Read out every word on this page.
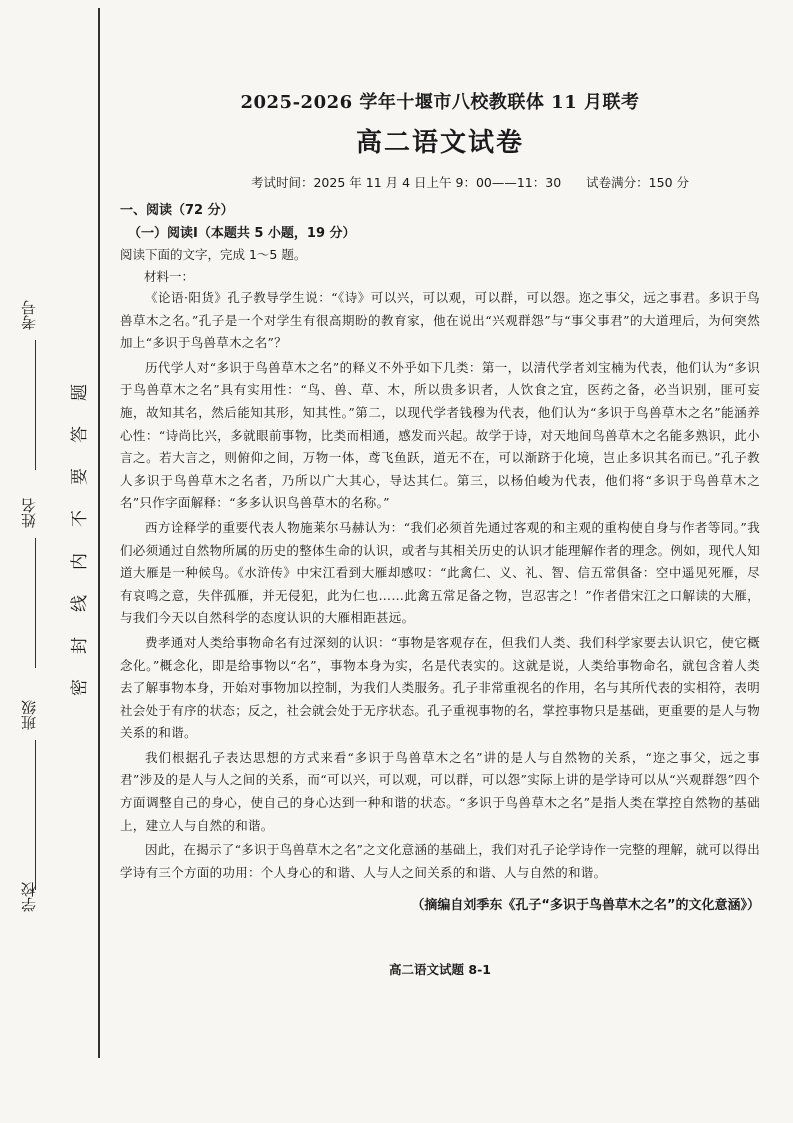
考号
姓名
班级
学校
题
答
要
不
内
线
封
密
2025-2026 学年十堰市八校教联体 11 月联考
高二语文试卷
考试时间：2025 年 11 月 4 日上午 9：00——11：30　　试卷满分：150 分
一、阅读（72 分）
（一）阅读Ⅰ（本题共 5 小题，19 分）
阅读下面的文字，完成 1～5 题。
材料一：

《论语·阳货》孔子教导学生说：“《诗》可以兴，可以观，可以群，可以怨。迩之事父，远之事君。多识于鸟兽草木之名。”孔子是一个对学生有很高期盼的教育家，他在说出“兴观群怨”与“事父事君”的大道理后，为何突然加上“多识于鸟兽草木之名”？

历代学人对“多识于鸟兽草木之名”的释义不外乎如下几类：第一，以清代学者刘宝楠为代表，他们认为“多识于鸟兽草木之名”具有实用性：“鸟、兽、草、木，所以贵多识者，人饮食之宜，医药之备，必当识别，匪可妄施，故知其名，然后能知其形，知其性。”第二，以现代学者钱穆为代表，他们认为“多识于鸟兽草木之名”能涵养心性：“诗尚比兴，多就眼前事物，比类而相通，感发而兴起。故学于诗，对天地间鸟兽草木之名能多熟识，此小言之。若大言之，则俯仰之间，万物一体，鸢飞鱼跃，道无不在，可以渐跻于化境，岂止多识其名而已。”孔子教人多识于鸟兽草木之名者，乃所以广大其心，导达其仁。第三，以杨伯峻为代表，他们将“多识于鸟兽草木之名”只作字面解释：“多多认识鸟兽草木的名称。”

西方诠释学的重要代表人物施莱尔马赫认为：“我们必须首先通过客观的和主观的重构使自身与作者等同。”我们必须通过自然物所属的历史的整体生命的认识，或者与其相关历史的认识才能理解作者的理念。例如，现代人知道大雁是一种候鸟。《水浒传》中宋江看到大雁却感叹：“此禽仁、义、礼、智、信五常俱备：空中遥见死雁，尽有哀鸣之意，失伴孤雁，并无侵犯，此为仁也……此禽五常足备之物，岂忍害之！”作者借宋江之口解读的大雁，与我们今天以自然科学的态度认识的大雁相距甚远。

费孝通对人类给事物命名有过深刻的认识：“事物是客观存在，但我们人类、我们科学家要去认识它，使它概念化。”概念化，即是给事物以“名”，事物本身为实，名是代表实的。这就是说，人类给事物命名，就包含着人类去了解事物本身，开始对事物加以控制，为我们人类服务。孔子非常重视名的作用，名与其所代表的实相符，表明社会处于有序的状态；反之，社会就会处于无序状态。孔子重视事物的名，掌控事物只是基础，更重要的是人与物关系的和谐。

我们根据孔子表达思想的方式来看“多识于鸟兽草木之名”讲的是人与自然物的关系，“迩之事父，远之事君”涉及的是人与人之间的关系，而“可以兴，可以观，可以群，可以怨”实际上讲的是学诗可以从“兴观群怨”四个方面调整自己的身心，使自己的身心达到一种和谐的状态。“多识于鸟兽草木之名”是指人类在掌控自然物的基础上，建立人与自然的和谐。

因此，在揭示了“多识于鸟兽草木之名”之文化意涵的基础上，我们对孔子论学诗作一完整的理解，就可以得出学诗有三个方面的功用：个人身心的和谐、人与人之间关系的和谐、人与自然的和谐。

（摘编自刘季东《孔子“多识于鸟兽草木之名”的文化意涵》）
高二语文试题 8-1
